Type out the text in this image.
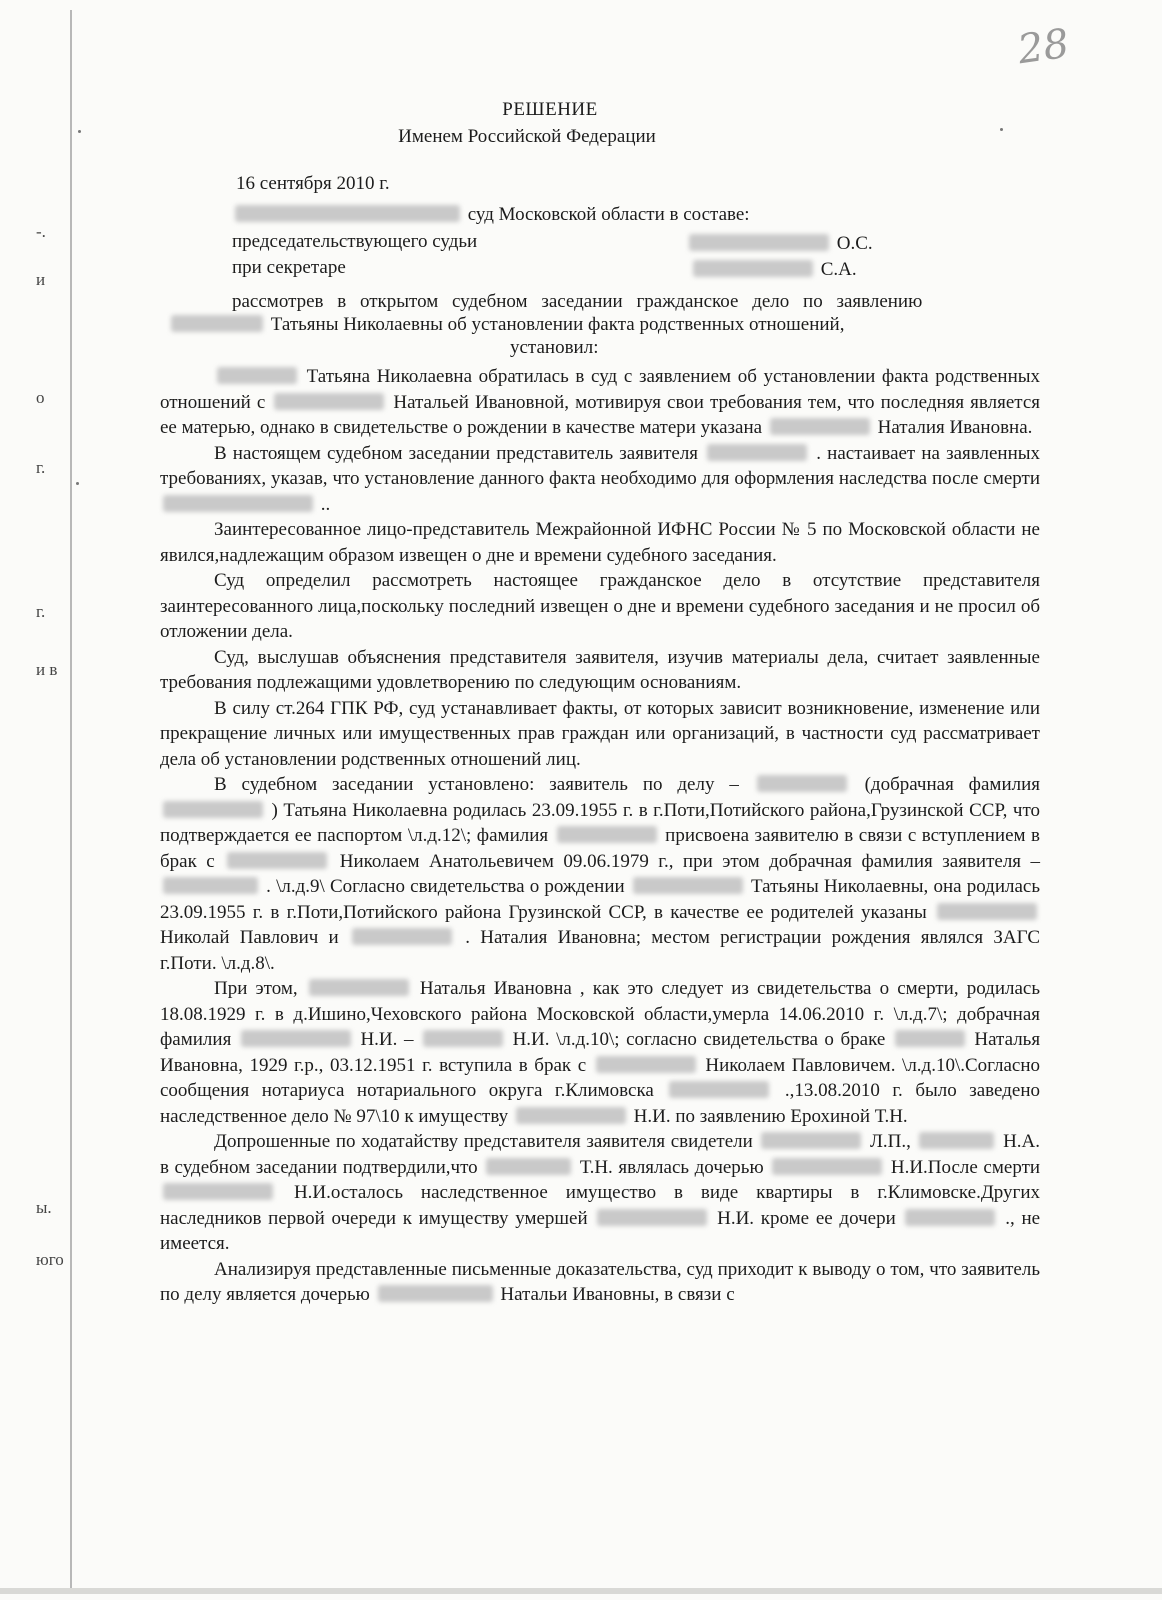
-.
и
о
г.
г.
и в
ы.
юго
28
РЕШЕНИЕ
Именем Российской Федерации
16 сентября 2010 г.
суд Московской области в составе:
председательствующего судьи	О.С.
при секретаре	С.А.
рассмотрев в открытом судебном заседании гражданское дело по заявлению
Татьяны Николаевны об установлении факта родственных отношений,
установил:

Татьяна Николаевна обратилась в суд с заявлением об установлении факта родственных отношений с	Натальей Ивановной, мотивируя свои требования тем, что последняя является ее матерью, однако в свидетельстве о рождении в качестве матери указана	Наталия Ивановна.

В настоящем судебном заседании представитель заявителя	. настаивает на заявленных требованиях, указав, что установление данного факта необходимо для оформления наследства после смерти  ..

Заинтересованное лицо-представитель Межрайонной ИФНС России № 5 по Московской области не явился,надлежащим образом извещен о дне и времени судебного заседания.

Суд определил рассмотреть настоящее гражданское дело в отсутствие представителя заинтересованного лица,поскольку последний извещен о дне и времени судебного заседания и не просил об отложении дела.

Суд, выслушав объяснения представителя заявителя, изучив материалы дела, считает заявленные требования подлежащими удовлетворению по следующим основаниям.

В силу ст.264 ГПК РФ, суд устанавливает факты, от которых зависит возникновение, изменение или прекращение личных или имущественных прав граждан или организаций, в частности суд рассматривает дела об установлении родственных отношений лиц.

В судебном заседании установлено: заявитель по делу –	(добрачная фамилия  ) Татьяна Николаевна родилась 23.09.1955 г. в г.Поти,Потийского района,Грузинской ССР, что подтверждается ее паспортом \л.д.12\; фамилия	присвоена заявителю в связи с вступлением в брак с	Николаем Анатольевичем 09.06.1979 г., при этом добрачная фамилия заявителя –  . \л.д.9\ Согласно свидетельства о рождении	Татьяны Николаевны, она родилась 23.09.1955 г. в г.Поти,Потийского района Грузинской ССР, в качестве ее родителей указаны  Николай Павлович и	. Наталия Ивановна; местом регистрации рождения являлся ЗАГС г.Поти. \л.д.8\.

При этом,	Наталья Ивановна , как это следует из свидетельства о смерти, родилась 18.08.1929 г. в д.Ишино,Чеховского района Московской области,умерла 14.06.2010 г. \л.д.7\; добрачная фамилия	Н.И. –	Н.И. \л.д.10\; согласно свидетельства о браке	Наталья Ивановна, 1929 г.р., 03.12.1951 г. вступила в брак с	Николаем Павловичем. \л.д.10\.Согласно сообщения нотариуса нотариального округа г.Климовска	.,13.08.2010 г. было заведено наследственное дело № 97\10 к имуществу	Н.И. по заявлению Ерохиной Т.Н.

Допрошенные по ходатайству представителя заявителя свидетели	Л.П.,	Н.А. в судебном заседании подтвердили,что	Т.Н. являлась дочерью	Н.И.После смерти  Н.И.осталось наследственное имущество в виде квартиры в г.Климовске.Других наследников первой очереди к имуществу умершей	Н.И. кроме ее дочери	., не имеется.

Анализируя представленные письменные доказательства, суд приходит к выводу о том, что заявитель по делу является дочерью	Натальи Ивановны, в связи с
